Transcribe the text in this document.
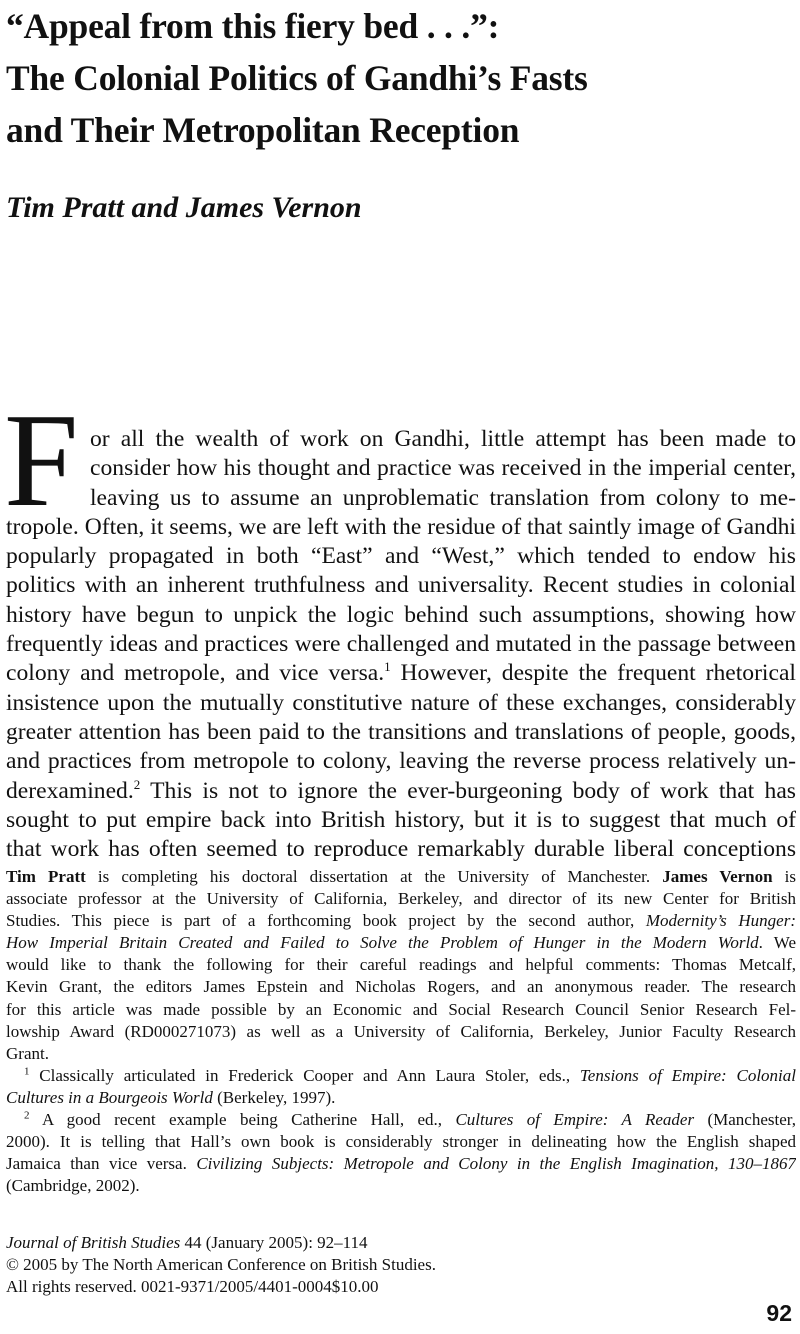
“Appeal from this fiery bed . . .”:
The Colonial Politics of Gandhi’s Fasts
and Their Metropolitan Reception
Tim Pratt and James Vernon
F or all the wealth of work on Gandhi, little attempt has been made to
consider how his thought and practice was received in the imperial center,
leaving us to assume an unproblematic translation from colony to me-
tropole. Often, it seems, we are left with the residue of that saintly image of Gandhi
popularly propagated in both “East” and “West,” which tended to endow his
politics with an inherent truthfulness and universality. Recent studies in colonial
history have begun to unpick the logic behind such assumptions, showing how
frequently ideas and practices were challenged and mutated in the passage between
colony and metropole, and vice versa.$^1$ However, despite the frequent rhetorical
insistence upon the mutually constitutive nature of these exchanges, considerably
greater attention has been paid to the transitions and translations of people, goods,
and practices from metropole to colony, leaving the reverse process relatively un-
derexamined.$^2$ This is not to ignore the ever-burgeoning body of work that has
sought to put empire back into British history, but it is to suggest that much of
that work has often seemed to reproduce remarkably durable liberal conceptions
Tim Pratt is completing his doctoral dissertation at the University of Manchester. James Vernon is
associate professor at the University of California, Berkeley, and director of its new Center for British
Studies. This piece is part of a forthcoming book project by the second author, Modernity’s Hunger:
How Imperial Britain Created and Failed to Solve the Problem of Hunger in the Modern World. We
would like to thank the following for their careful readings and helpful comments: Thomas Metcalf,
Kevin Grant, the editors James Epstein and Nicholas Rogers, and an anonymous reader. The research
for this article was made possible by an Economic and Social Research Council Senior Research Fel-
lowship Award (RD000271073) as well as a University of California, Berkeley, Junior Faculty Research
Grant.
$^1$ Classically articulated in Frederick Cooper and Ann Laura Stoler, eds., Tensions of Empire: Colonial
Cultures in a Bourgeois World (Berkeley, 1997).
$^2$ A good recent example being Catherine Hall, ed., Cultures of Empire: A Reader (Manchester,
2000). It is telling that Hall’s own book is considerably stronger in delineating how the English shaped
Jamaica than vice versa. Civilizing Subjects: Metropole and Colony in the English Imagination, 130–1867
(Cambridge, 2002).
Journal of British Studies 44 (January 2005): 92–114
© 2005 by The North American Conference on British Studies.
All rights reserved. 0021-9371/2005/4401-0004$10.00
92
